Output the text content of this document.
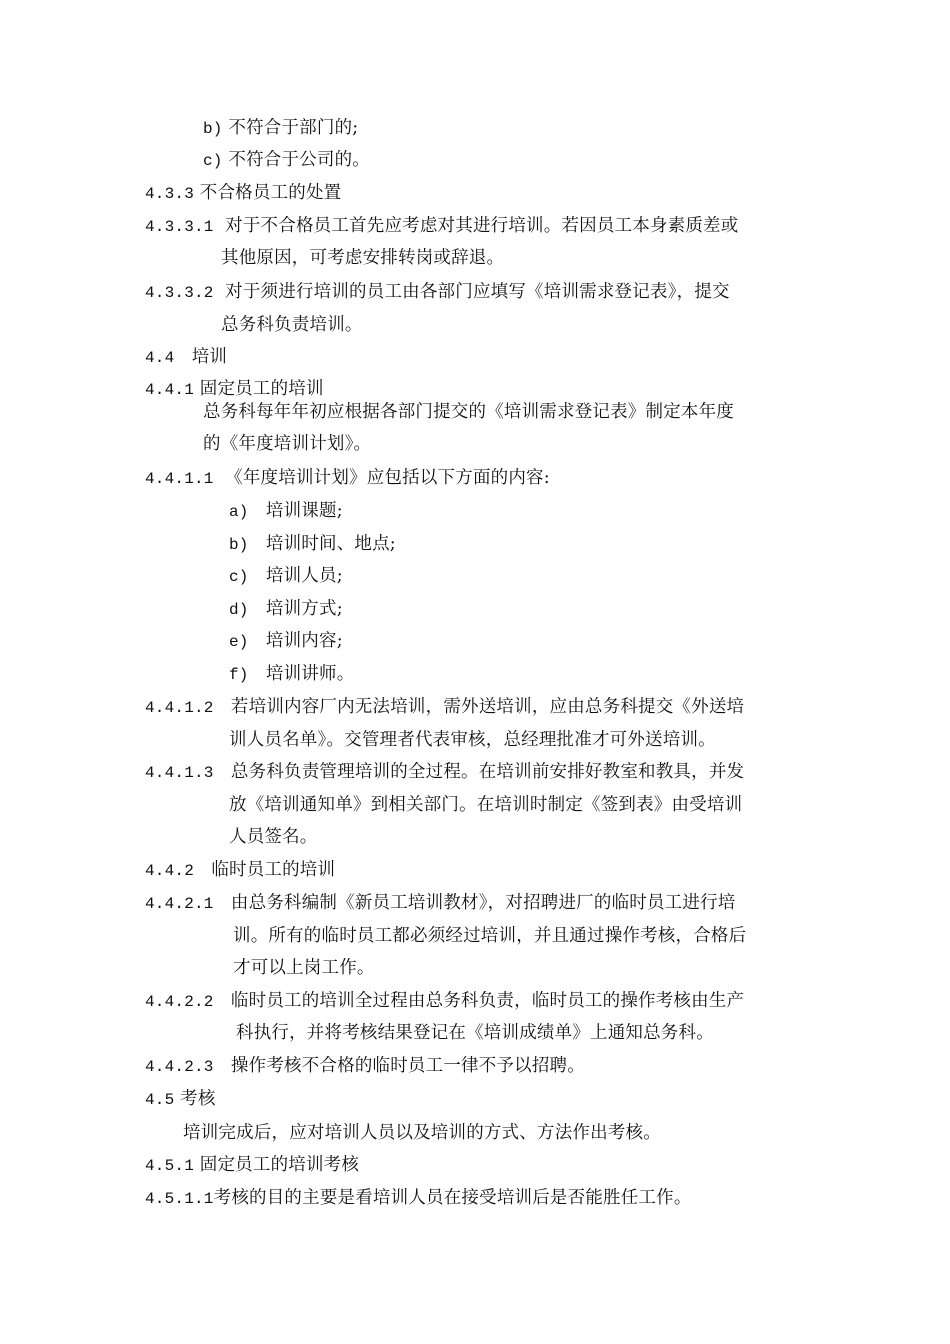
b) 不符合于部门的;
c) 不符合于公司的。
4.3.3 不合格员工的处置
4.3.3.1 对于不合格员工首先应考虑对其进行培训。若因员工本身素质差或
其他原因，可考虑安排转岗或辞退。
4.3.3.2 对于须进行培训的员工由各部门应填写《培训需求登记表》，提交
总务科负责培训。
4.4 培训
4.4.1 固定员工的培训
总务科每年年初应根据各部门提交的《培训需求登记表》制定本年度
的《年度培训计划》。
4.4.1.1 《年度培训计划》应包括以下方面的内容:
a) 培训课题;
b) 培训时间、地点;
c) 培训人员;
d) 培训方式;
e) 培训内容;
f) 培训讲师。
4.4.1.2 若培训内容厂内无法培训，需外送培训，应由总务科提交《外送培
训人员名单》。交管理者代表审核，总经理批准才可外送培训。
4.4.1.3 总务科负责管理培训的全过程。在培训前安排好教室和教具，并发
放《培训通知单》到相关部门。在培训时制定《签到表》由受培训
人员签名。
4.4.2 临时员工的培训
4.4.2.1 由总务科编制《新员工培训教材》，对招聘进厂的临时员工进行培
训。所有的临时员工都必须经过培训，并且通过操作考核，合格后
才可以上岗工作。
4.4.2.2 临时员工的培训全过程由总务科负责，临时员工的操作考核由生产
科执行，并将考核结果登记在《培训成绩单》上通知总务科。
4.4.2.3 操作考核不合格的临时员工一律不予以招聘。
4.5 考核
培训完成后，应对培训人员以及培训的方式、方法作出考核。
4.5.1 固定员工的培训考核
4.5.1.1考核的目的主要是看培训人员在接受培训后是否能胜任工作。
